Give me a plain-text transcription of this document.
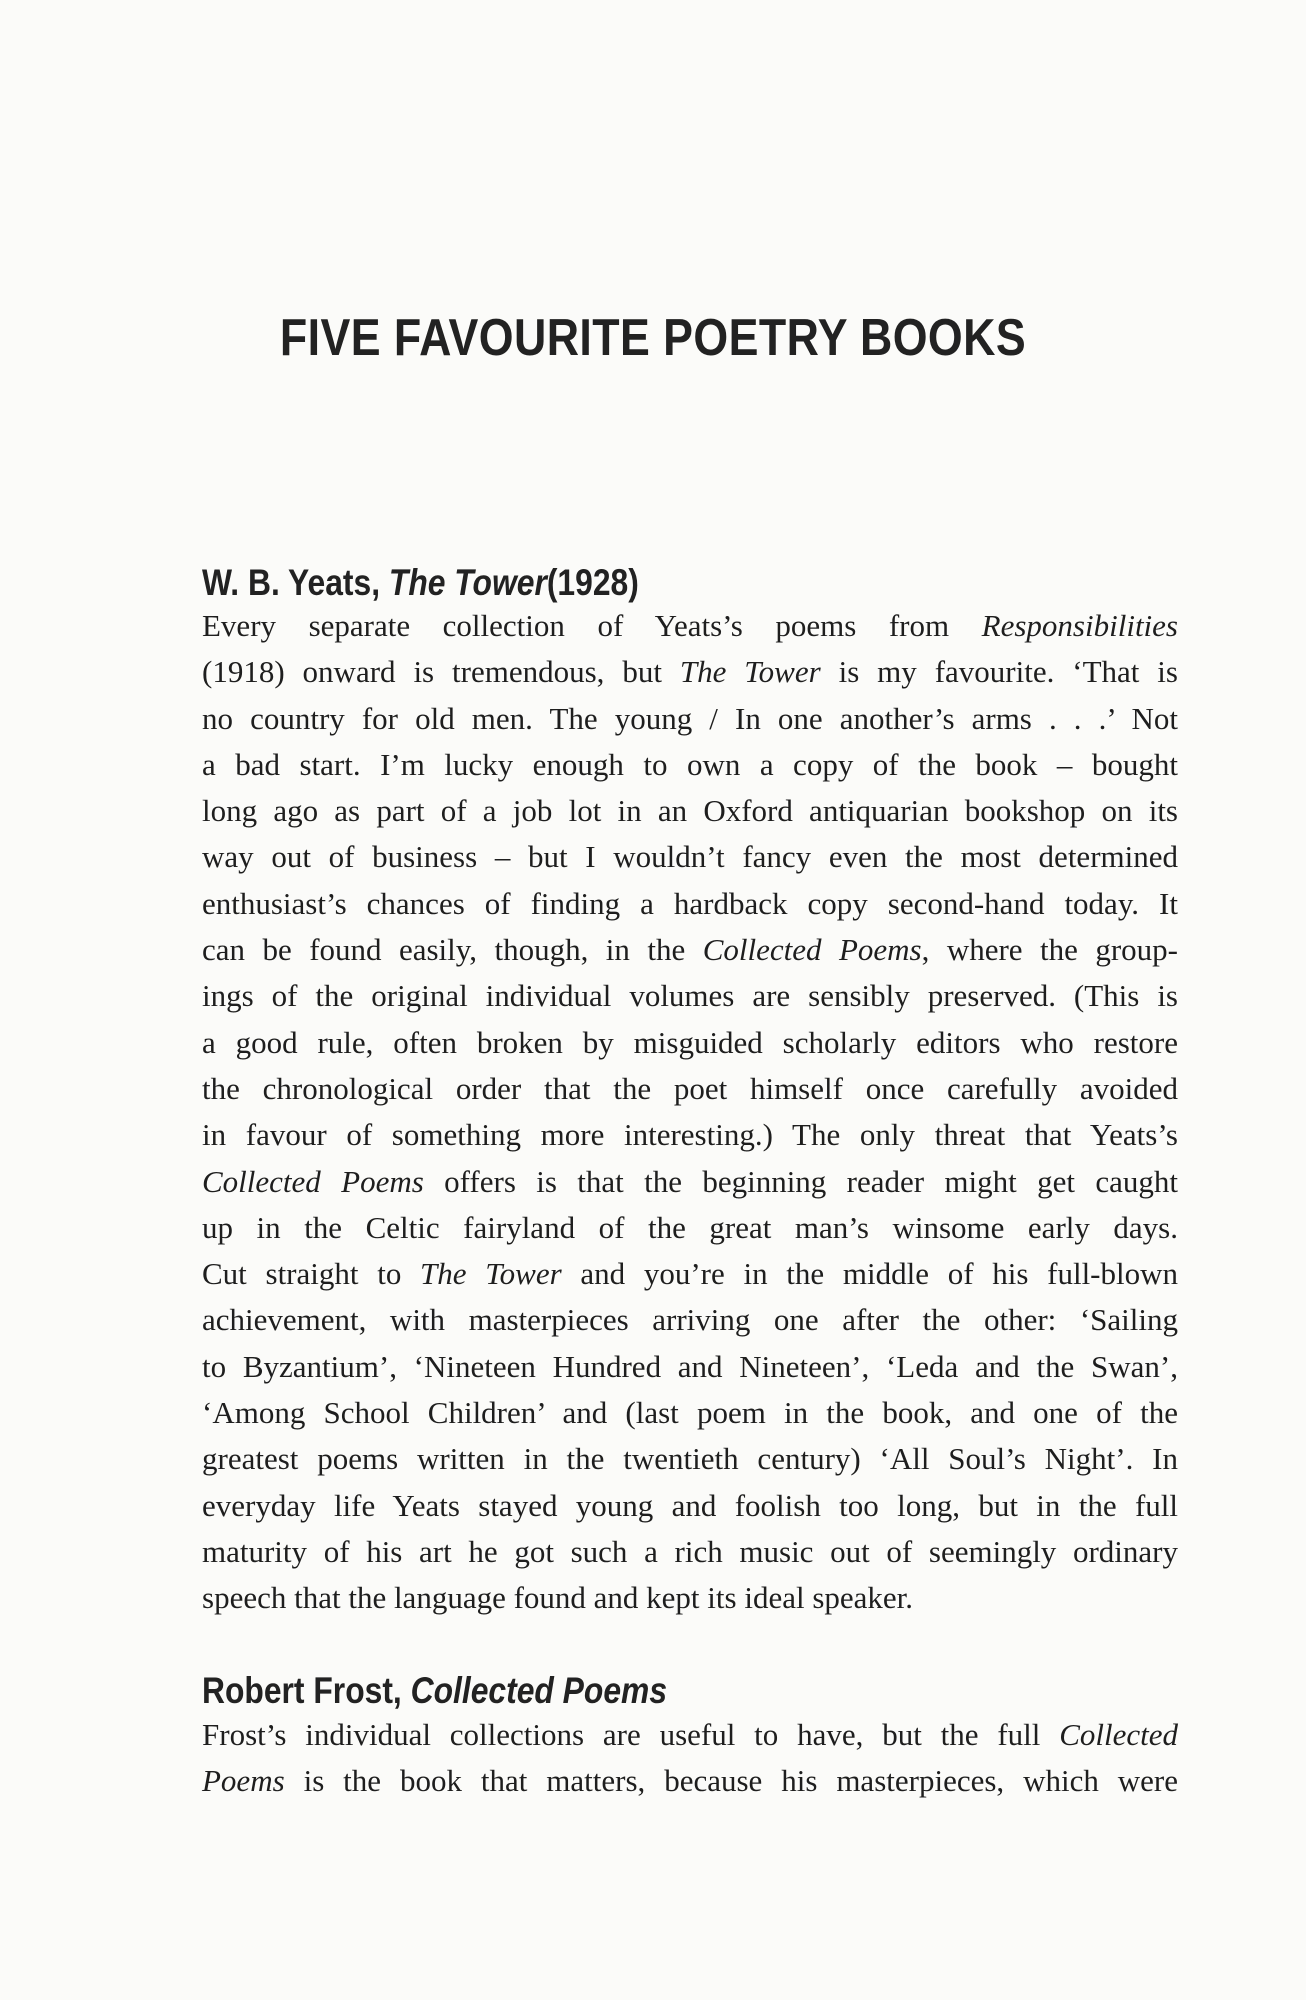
FIVE FAVOURITE POETRY BOOKS
W. B. Yeats, The Tower(1928)
Every separate collection of Yeats’s poems from Responsibilities
(1918) onward is tremendous, but The Tower is my favourite. ‘That is
no country for old men. The young / In one another’s arms . . .’ Not
a bad start. I’m lucky enough to own a copy of the book – bought
long ago as part of a job lot in an Oxford antiquarian bookshop on its
way out of business – but I wouldn’t fancy even the most determined
enthusiast’s chances of finding a hardback copy second-hand today. It
can be found easily, though, in the Collected Poems, where the group-
ings of the original individual volumes are sensibly preserved. (This is
a good rule, often broken by misguided scholarly editors who restore
the chronological order that the poet himself once carefully avoided
in favour of something more interesting.) The only threat that Yeats’s
Collected Poems offers is that the beginning reader might get caught
up in the Celtic fairyland of the great man’s winsome early days.
Cut straight to The Tower and you’re in the middle of his full-blown
achievement, with masterpieces arriving one after the other: ‘Sailing
to Byzantium’, ‘Nineteen Hundred and Nineteen’, ‘Leda and the Swan’,
‘Among School Children’ and (last poem in the book, and one of the
greatest poems written in the twentieth century) ‘All Soul’s Night’. In
everyday life Yeats stayed young and foolish too long, but in the full
maturity of his art he got such a rich music out of seemingly ordinary
speech that the language found and kept its ideal speaker.
Robert Frost, Collected Poems
Frost’s individual collections are useful to have, but the full Collected
Poems is the book that matters, because his masterpieces, which were
